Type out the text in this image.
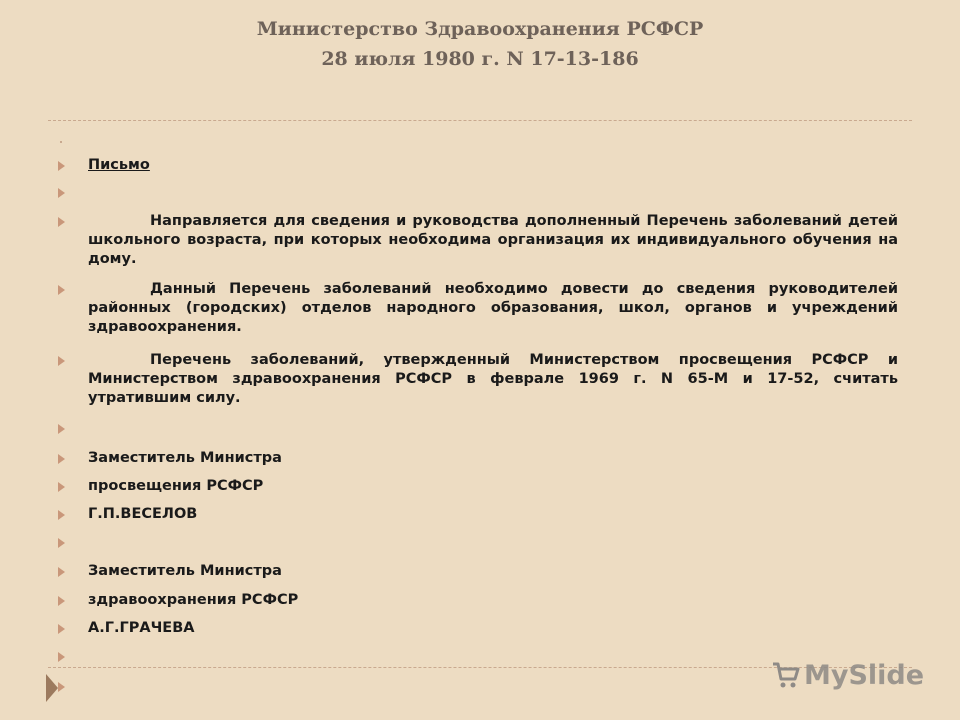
Министерство Здравоохранения РСФСР
28 июля 1980 г. N 17-13-186
Письмо
Направляется для сведения и руководства дополненный Перечень заболеваний детей школьного возраста, при которых необходима организация их индивидуального обучения на дому.
Данный Перечень заболеваний необходимо довести до сведения руководителей районных (городских) отделов народного образования, школ, органов и учреждений здравоохранения.
Перечень заболеваний, утвержденный Министерством просвещения РСФСР и Министерством здравоохранения РСФСР в феврале 1969 г. N 65-М и 17-52, считать утратившим силу.
Заместитель Министра
просвещения РСФСР
Г.П.ВЕСЕЛОВ
Заместитель Министра
здравоохранения РСФСР
А.Г.ГРАЧЕВА
MySlide
